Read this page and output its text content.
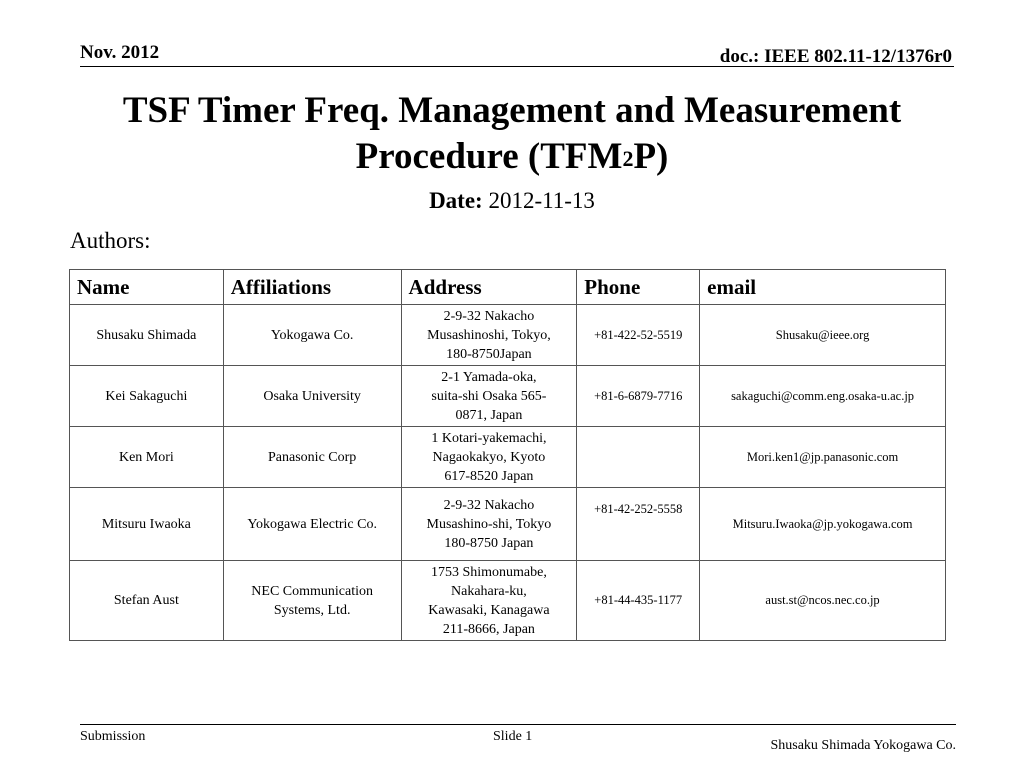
Nov. 2012	doc.: IEEE 802.11-12/1376r0
TSF Timer Freq. Management and Measurement
Procedure (TFM$^2$P)
Date: 2012-11-13
Authors:
Name	Affiliations	Address	Phone	email
Shusaku Shimada	Yokogawa Co.	2-9-32 Nakacho
Musashinoshi, Tokyo,
180-8750Japan	+81-422-52-5519	Shusaku@ieee.org
Kei Sakaguchi	Osaka University	2-1 Yamada-oka,
suita-shi Osaka 565-
0871, Japan	+81-6-6879-7716	sakaguchi@comm.eng.osaka-u.ac.jp
Ken Mori	Panasonic Corp	1 Kotari-yakemachi,
Nagaokakyo, Kyoto
617-8520 Japan		Mori.ken1@jp.panasonic.com
Mitsuru Iwaoka	Yokogawa Electric Co.	2-9-32 Nakacho
Musashino-shi, Tokyo
180-8750 Japan	+81-42-252-5558	Mitsuru.Iwaoka@jp.yokogawa.com
Stefan Aust	NEC Communication
Systems, Ltd.	1753 Shimonumabe,
Nakahara-ku,
Kawasaki, Kanagawa
211-8666, Japan	+81-44-435-1177	aust.st@ncos.nec.co.jp
Submission	Slide 1
Shusaku Shimada Yokogawa Co.
